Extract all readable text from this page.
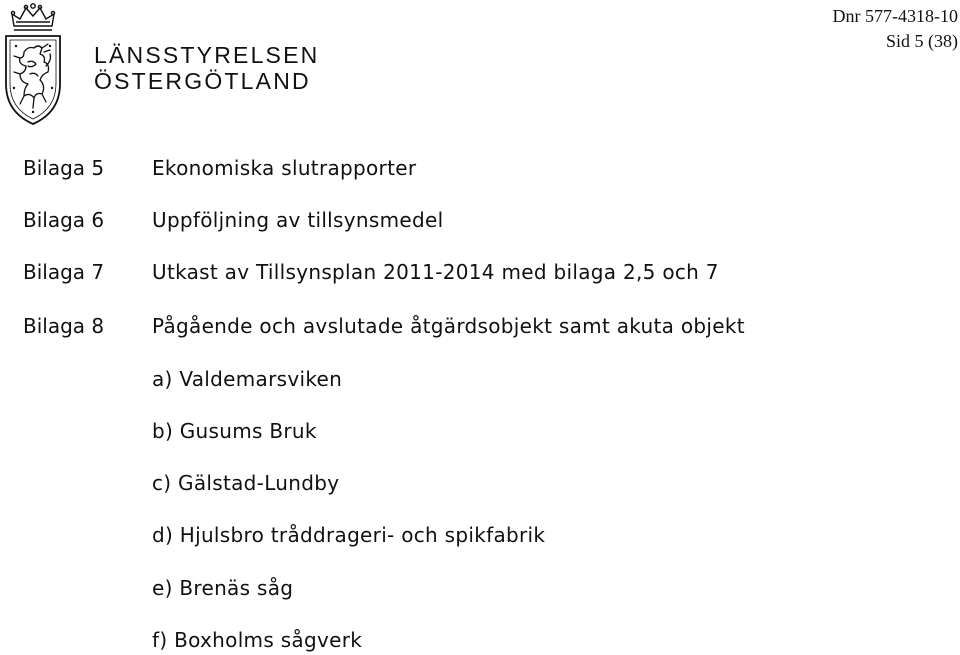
LÄNSSTYRELSEN
ÖSTERGÖTLAND
Dnr 577-4318-10
Sid 5 (38)
Bilaga 5 Ekonomiska slutrapporter
Bilaga 6 Uppföljning av tillsynsmedel
Bilaga 7 Utkast av Tillsynsplan 2011-2014 med bilaga 2,5 och 7
Bilaga 8 Pågående och avslutade åtgärdsobjekt samt akuta objekt
a) Valdemarsviken
b) Gusums Bruk
c) Gälstad-Lundby
d) Hjulsbro tråddrageri- och spikfabrik
e) Brenäs såg
f) Boxholms sågverk
